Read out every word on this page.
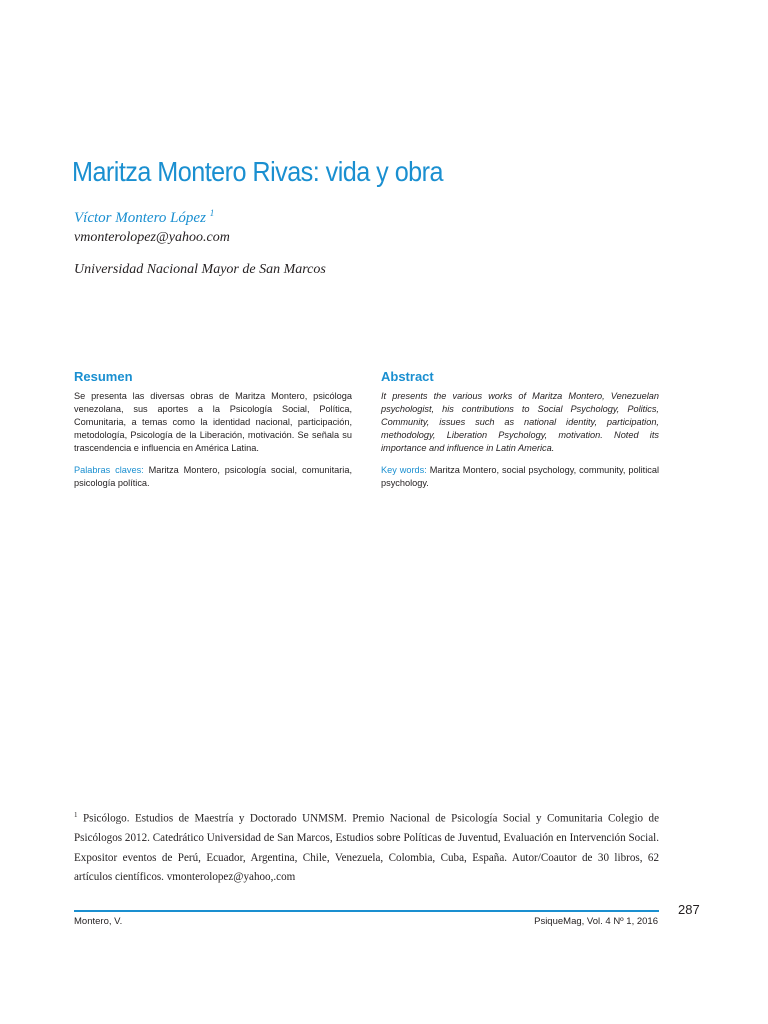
Maritza Montero Rivas: vida y obra
Víctor Montero López $^1$
vmonterolopez@yahoo.com
Universidad Nacional Mayor de San Marcos
Resumen

Se presenta las diversas obras de Maritza Montero, psicóloga venezolana, sus aportes a la Psicología Social, Política, Comunitaria, a temas como la identidad nacional, participación, metodología, Psicología de la Liberación, motivación. Se señala su trascendencia e influencia en América Latina.

Palabras claves: Maritza Montero, psicología social, comunitaria, psicología política.

Abstract

It presents the various works of Maritza Montero, Venezuelan psychologist, his contributions to Social Psychology, Politics, Community, issues such as national identity, participation, methodology, Liberation Psychology, motivation. Noted its importance and influence in Latin America.

Key words: Maritza Montero, social psychology, community, political psychology.

$^1$ Psicólogo. Estudios de Maestría y Doctorado UNMSM. Premio Nacional de Psicología Social y Comunitaria Colegio de Psicólogos 2012. Catedrático Universidad de San Marcos, Estudios sobre Políticas de Juventud, Evaluación en Intervención Social. Expositor eventos de Perú, Ecuador, Argentina, Chile, Venezuela, Colombia, Cuba, España. Autor/Coautor de 30 libros, 62 artículos científicos. vmonterolopez@yahoo,.com

Montero, V.	PsiqueMag, Vol. 4 Nº 1, 2016
287
